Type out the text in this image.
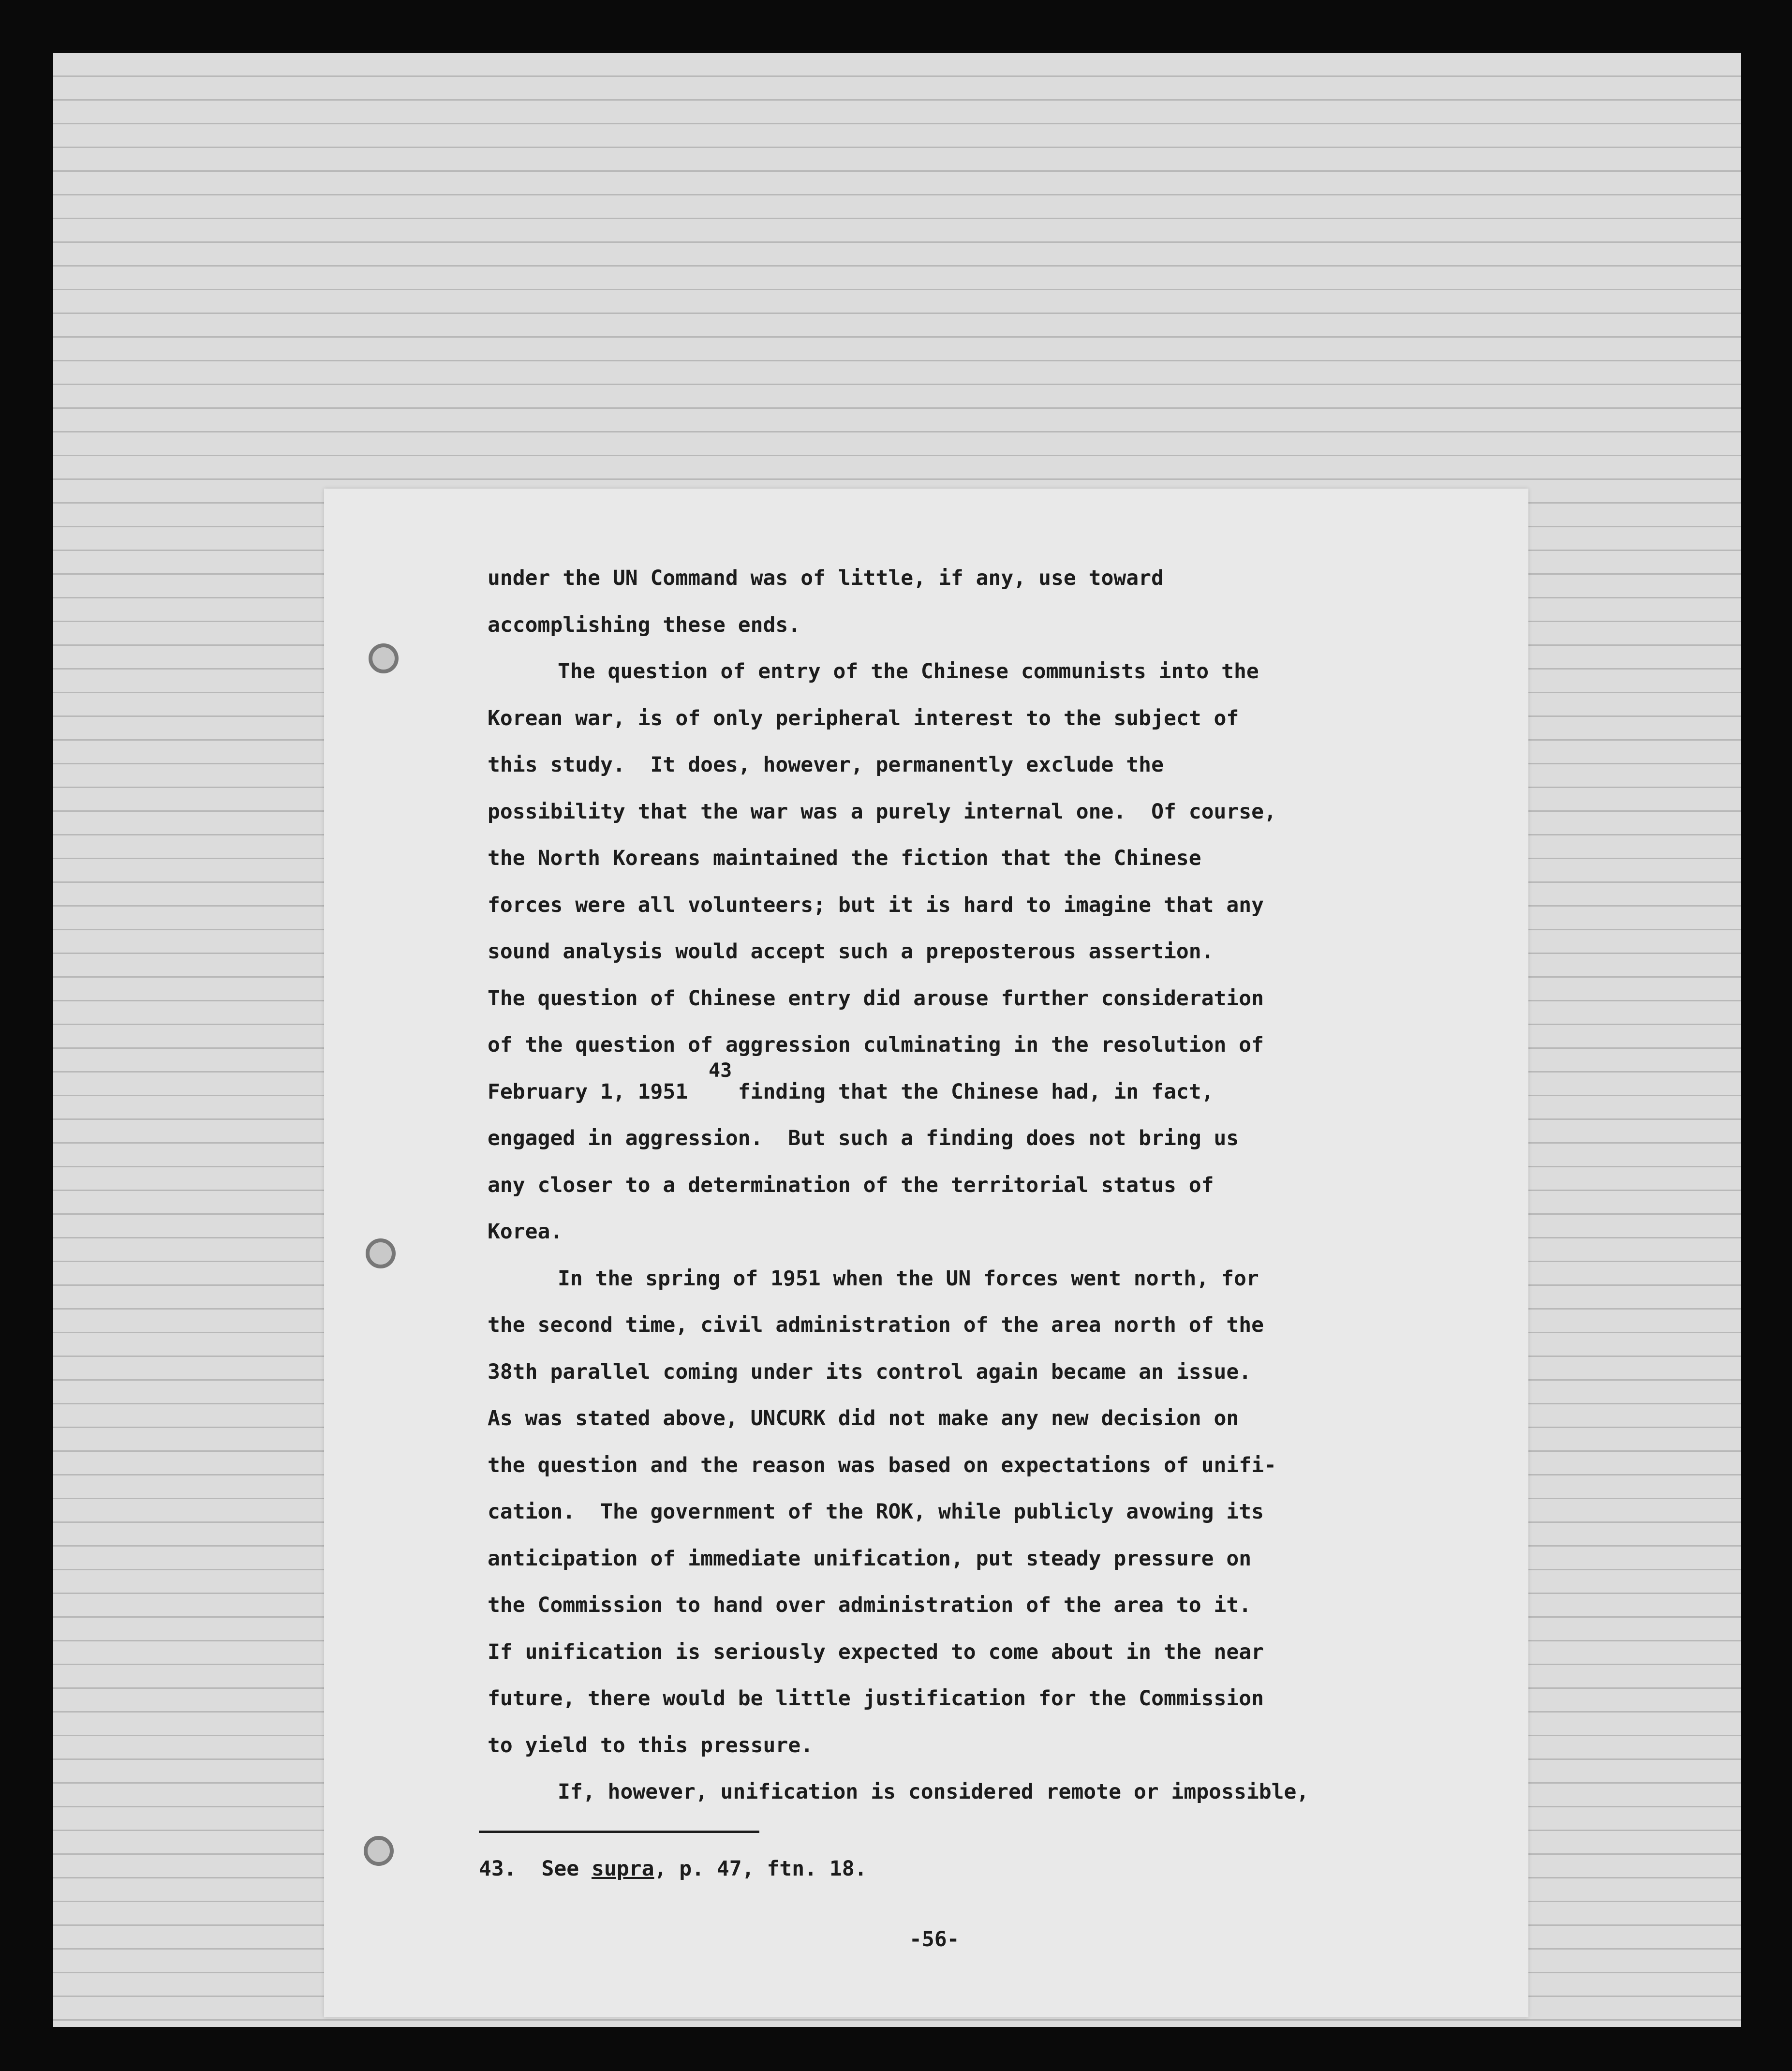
under the UN Command was of little, if any, use toward
accomplishing these ends.
The question of entry of the Chinese communists into the
Korean war, is of only peripheral interest to the subject of
this study.  It does, however, permanently exclude the
possibility that the war was a purely internal one.  Of course,
the North Koreans maintained the fiction that the Chinese
forces were all volunteers; but it is hard to imagine that any
sound analysis would accept such a preposterous assertion.
The question of Chinese entry did arouse further consideration
of the question of aggression culminating in the resolution of
February 1, 1951    finding that the Chinese had, in fact,
engaged in aggression.  But such a finding does not bring us
any closer to a determination of the territorial status of
Korea.
In the spring of 1951 when the UN forces went north, for
the second time, civil administration of the area north of the
38th parallel coming under its control again became an issue.
As was stated above, UNCURK did not make any new decision on
the question and the reason was based on expectations of unifi-
cation.  The government of the ROK, while publicly avowing its
anticipation of immediate unification, put steady pressure on
the Commission to hand over administration of the area to it.
If unification is seriously expected to come about in the near
future, there would be little justification for the Commission
to yield to this pressure.
If, however, unification is considered remote or impossible,
43
43. See supra, p. 47, ftn. 18.
-56-
